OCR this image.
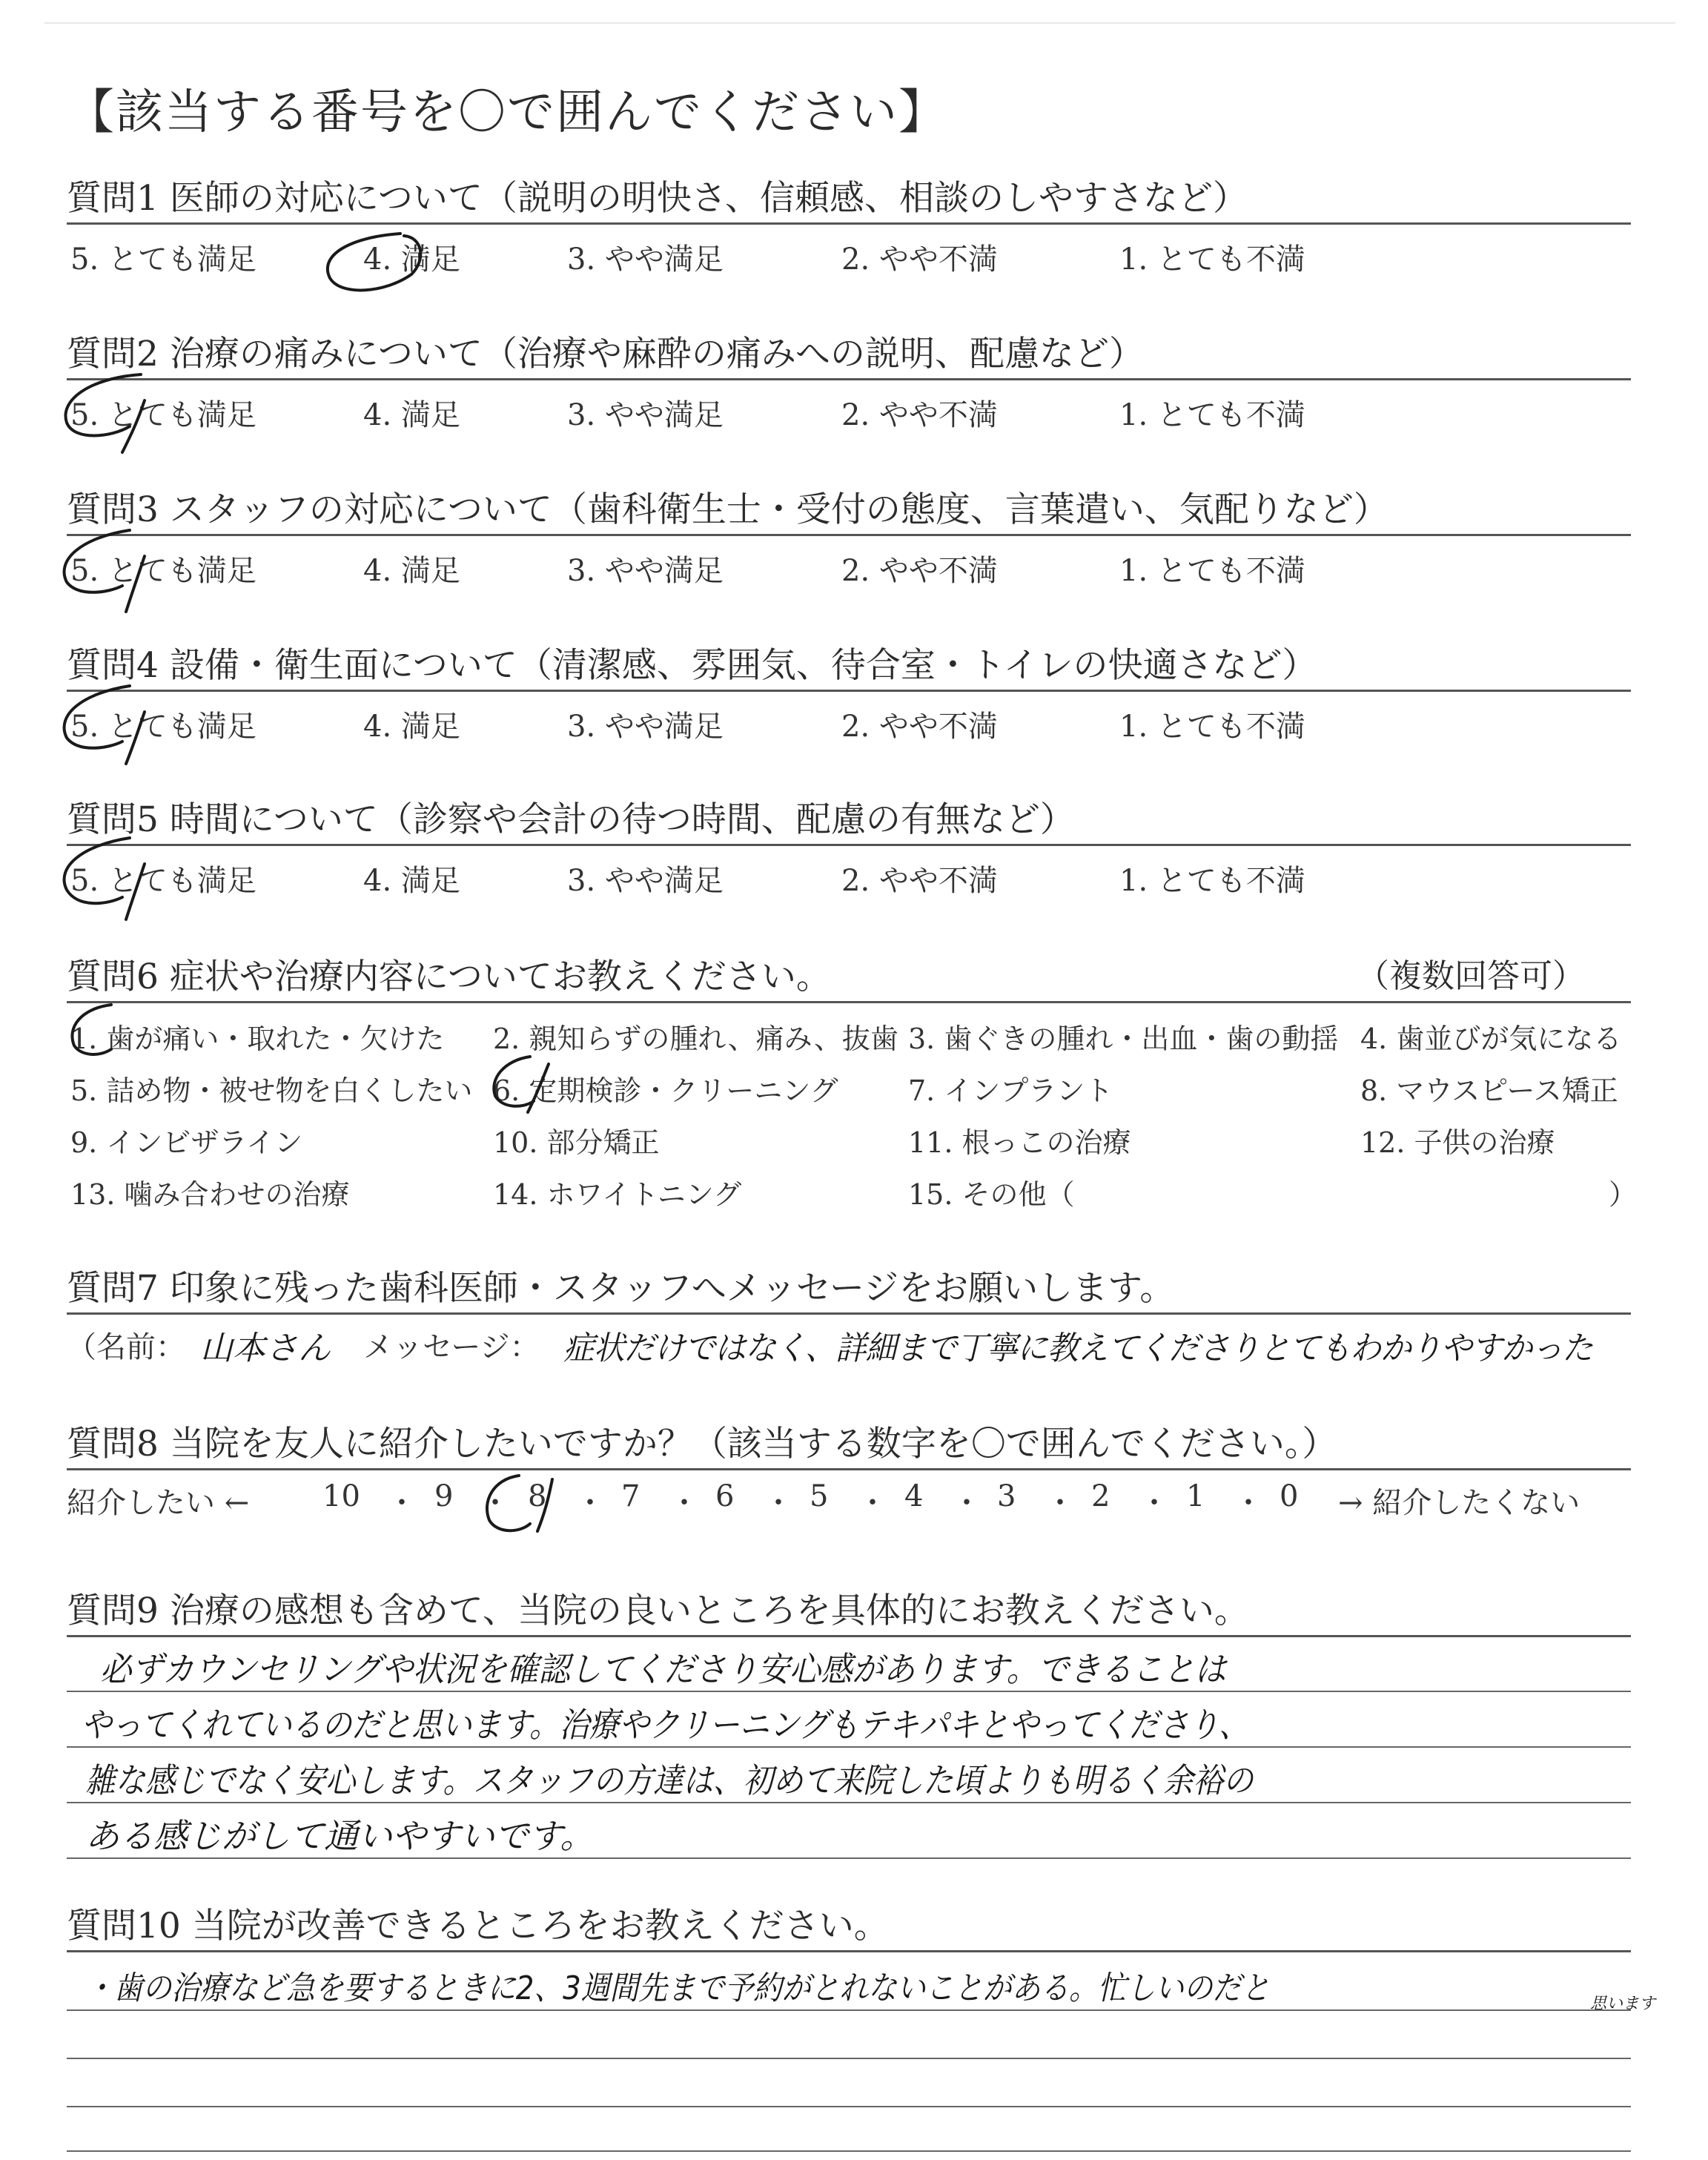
【該当する番号を〇で囲んでください】
質問1 医師の対応について（説明の明快さ、信頼感、相談のしやすさなど）
5. とても満足	4. 満足	3. やや満足	2. やや不満	1. とても不満
質問2 治療の痛みについて（治療や麻酔の痛みへの説明、配慮など）
5. とても満足	4. 満足	3. やや満足	2. やや不満	1. とても不満
質問3 スタッフの対応について（歯科衛生士・受付の態度、言葉遣い、気配りなど）
5. とても満足	4. 満足	3. やや満足	2. やや不満	1. とても不満
質問4 設備・衛生面について（清潔感、雰囲気、待合室・トイレの快適さなど）
5. とても満足	4. 満足	3. やや満足	2. やや不満	1. とても不満
質問5 時間について（診察や会計の待つ時間、配慮の有無など）
5. とても満足	4. 満足	3. やや満足	2. やや不満	1. とても不満
質問6 症状や治療内容についてお教えください。	（複数回答可）
1. 歯が痛い・取れた・欠けた 2. 親知らずの腫れ、痛み、抜歯 3. 歯ぐきの腫れ・出血・歯の動揺 4. 歯並びが気になる
5. 詰め物・被せ物を白くしたい 6. 定期検診・クリーニング 7. インプラント	8. マウスピース矯正
9. インビザライン	10. 部分矯正	11. 根っこの治療	12. 子供の治療
13. 噛み合わせの治療	14. ホワイトニング	15. その他（	）
質問7 印象に残った歯科医師・スタッフへメッセージをお願いします。
（名前： 山本さん メッセージ： 症状だけではなく、詳細まで丁寧に教えてくださりとてもわかりやすかった
質問8 当院を友人に紹介したいですか？（該当する数字を〇で囲んでください。）
紹介したい ← 10	9	8	7	6	5	4 3	2	1	0 → 紹介したくない
・ ・ ・ ・ ・ ・ ・ ・ ・ ・
質問9 治療の感想も含めて、当院の良いところを具体的にお教えください。
必ずカウンセリングや状況を確認してくださり安心感があります。できることは
やってくれているのだと思います。治療やクリーニングもテキパキとやってくださり、
雑な感じでなく安心します。スタッフの方達は、初めて来院した頃よりも明るく余裕の
ある感じがして通いやすいです。
質問10 当院が改善できるところをお教えください。
・歯の治療など急を要するときに2、3週間先まで予約がとれないことがある。忙しいのだと	思います
